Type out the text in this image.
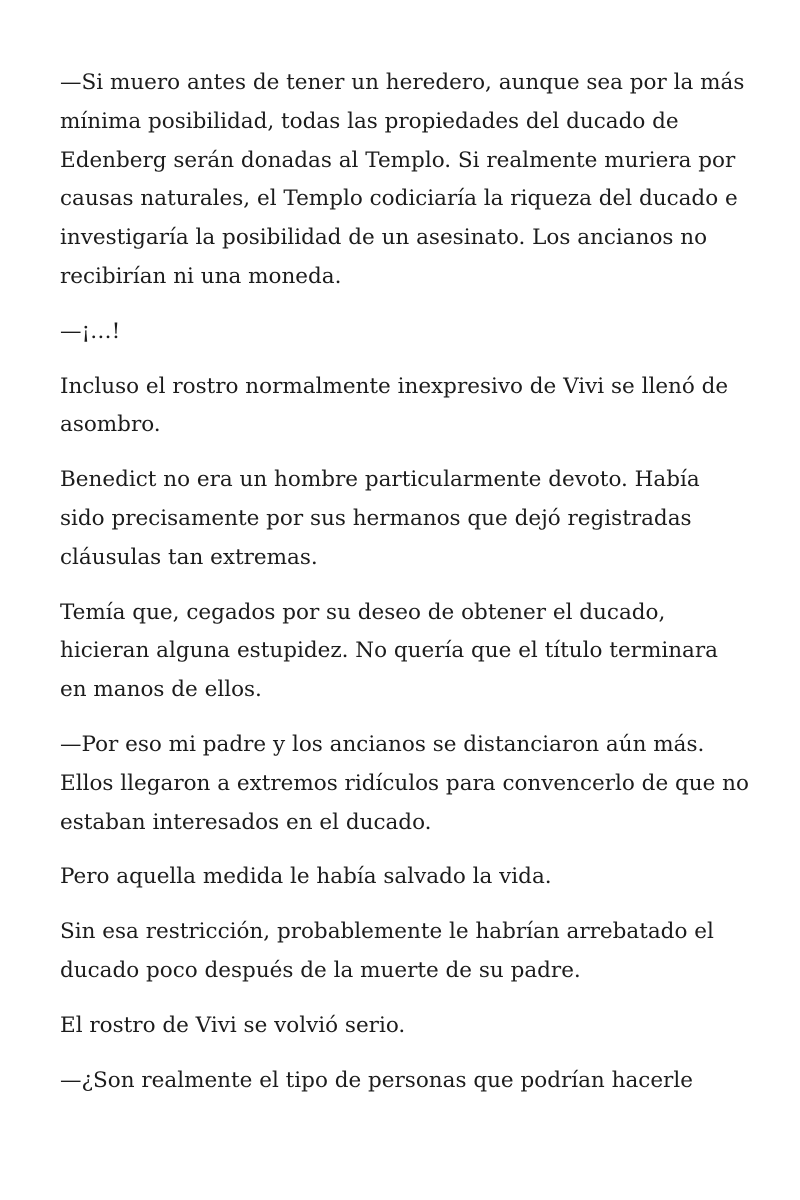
—Si muero antes de tener un heredero, aunque sea por la más mínima posibilidad, todas las propiedades del ducado de Edenberg serán donadas al Templo. Si realmente muriera por causas naturales, el Templo codiciaría la riqueza del ducado e investigaría la posibilidad de un asesinato. Los ancianos no recibirían ni una moneda.

—¡…!

Incluso el rostro normalmente inexpresivo de Vivi se llenó de asombro.

Benedict no era un hombre particularmente devoto. Había sido precisamente por sus hermanos que dejó registradas cláusulas tan extremas.

Temía que, cegados por su deseo de obtener el ducado, hicieran alguna estupidez. No quería que el título terminara en manos de ellos.

—Por eso mi padre y los ancianos se distanciaron aún más. Ellos llegaron a extremos ridículos para convencerlo de que no estaban interesados en el ducado.

Pero aquella medida le había salvado la vida.

Sin esa restricción, probablemente le habrían arrebatado el ducado poco después de la muerte de su padre.

El rostro de Vivi se volvió serio.

—¿Son realmente el tipo de personas que podrían hacerle
